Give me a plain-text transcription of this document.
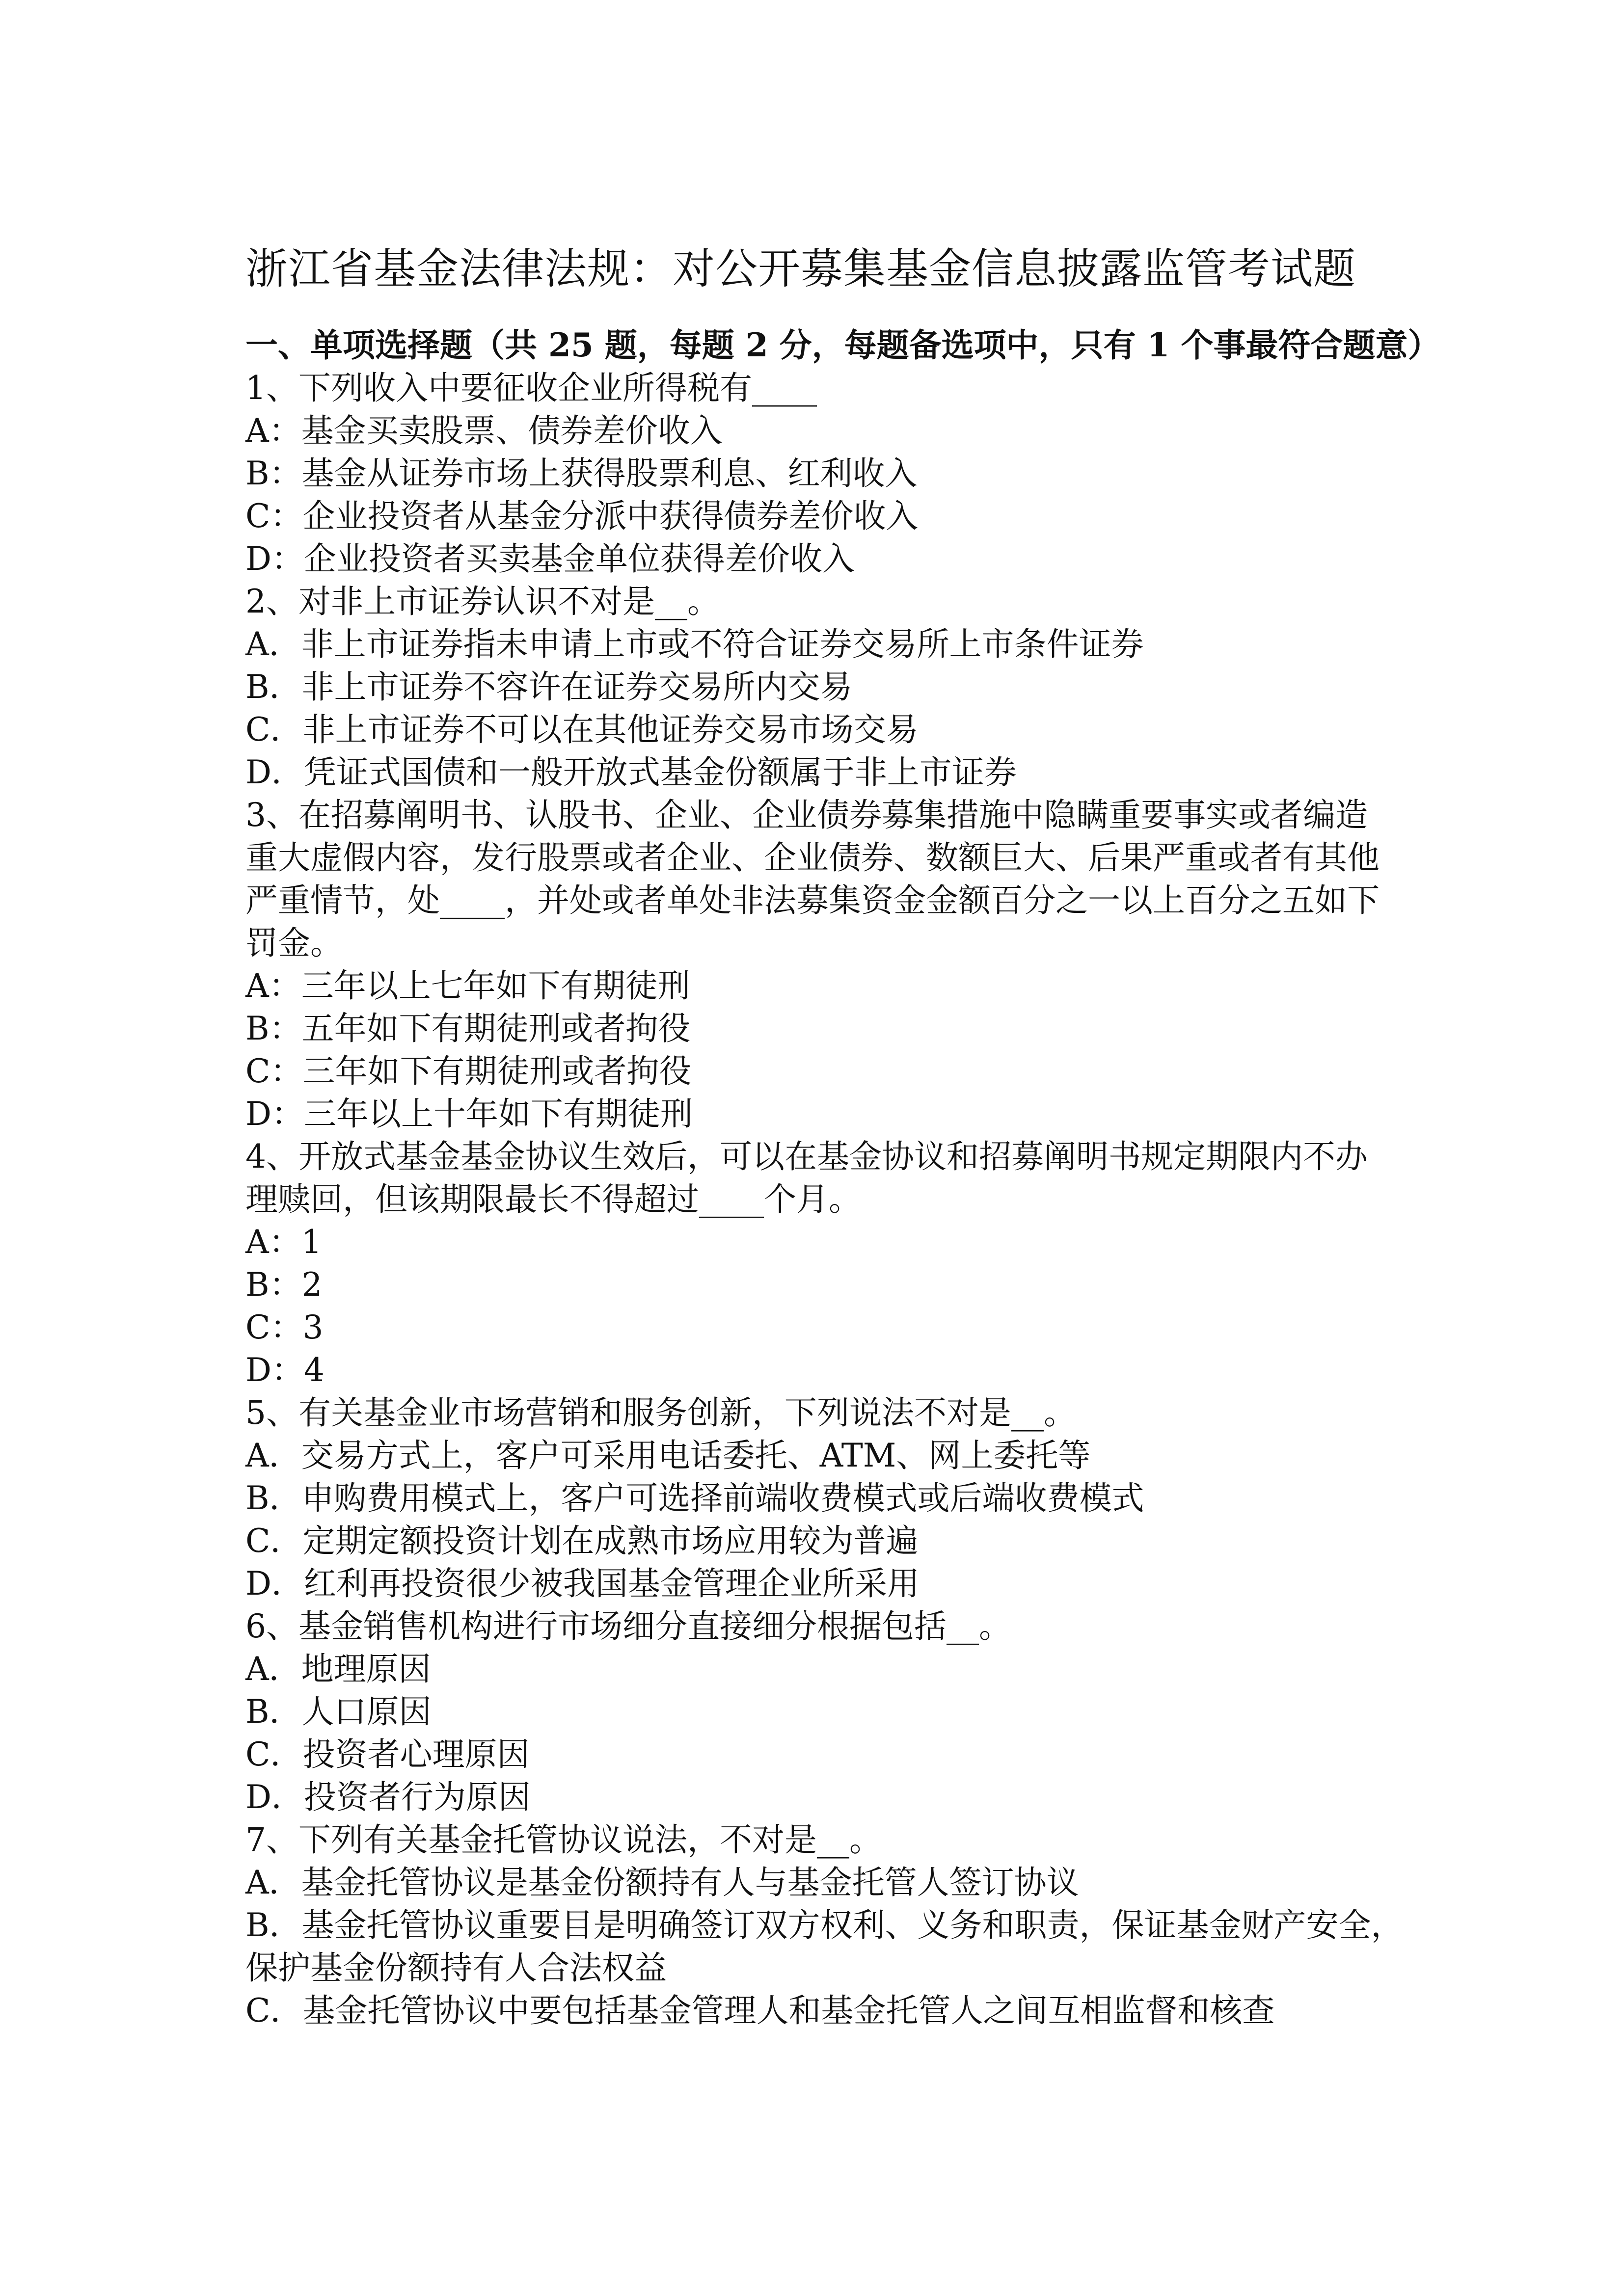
浙江省基金法律法规：对公开募集基金信息披露监管考试题

一、单项选择题（共 25 题，每题 2 分，每题备选项中，只有 1 个事最符合题意）

1、下列收入中要征收企业所得税有____

A：基金买卖股票、债券差价收入

B：基金从证券市场上获得股票利息、红利收入

C：企业投资者从基金分派中获得债券差价收入

D：企业投资者买卖基金单位获得差价收入

2、对非上市证券认识不对是__。

A．非上市证券指未申请上市或不符合证券交易所上市条件证券

B．非上市证券不容许在证券交易所内交易

C．非上市证券不可以在其他证券交易市场交易

D．凭证式国债和一般开放式基金份额属于非上市证券

3、在招募阐明书、认股书、企业、企业债券募集措施中隐瞒重要事实或者编造

重大虚假内容，发行股票或者企业、企业债券、数额巨大、后果严重或者有其他

严重情节，处____，并处或者单处非法募集资金金额百分之一以上百分之五如下

罚金。

A：三年以上七年如下有期徒刑

B：五年如下有期徒刑或者拘役

C：三年如下有期徒刑或者拘役

D：三年以上十年如下有期徒刑

4、开放式基金基金协议生效后，可以在基金协议和招募阐明书规定期限内不办

理赎回，但该期限最长不得超过____个月。

A：1

B：2

C：3

D：4

5、有关基金业市场营销和服务创新，下列说法不对是__。

A．交易方式上，客户可采用电话委托、ATM、网上委托等

B．申购费用模式上，客户可选择前端收费模式或后端收费模式

C．定期定额投资计划在成熟市场应用较为普遍

D．红利再投资很少被我国基金管理企业所采用

6、基金销售机构进行市场细分直接细分根据包括__。

A．地理原因

B．人口原因

C．投资者心理原因

D．投资者行为原因

7、下列有关基金托管协议说法，不对是__。

A．基金托管协议是基金份额持有人与基金托管人签订协议

B．基金托管协议重要目是明确签订双方权利、义务和职责，保证基金财产安全，

保护基金份额持有人合法权益

C．基金托管协议中要包括基金管理人和基金托管人之间互相监督和核查
